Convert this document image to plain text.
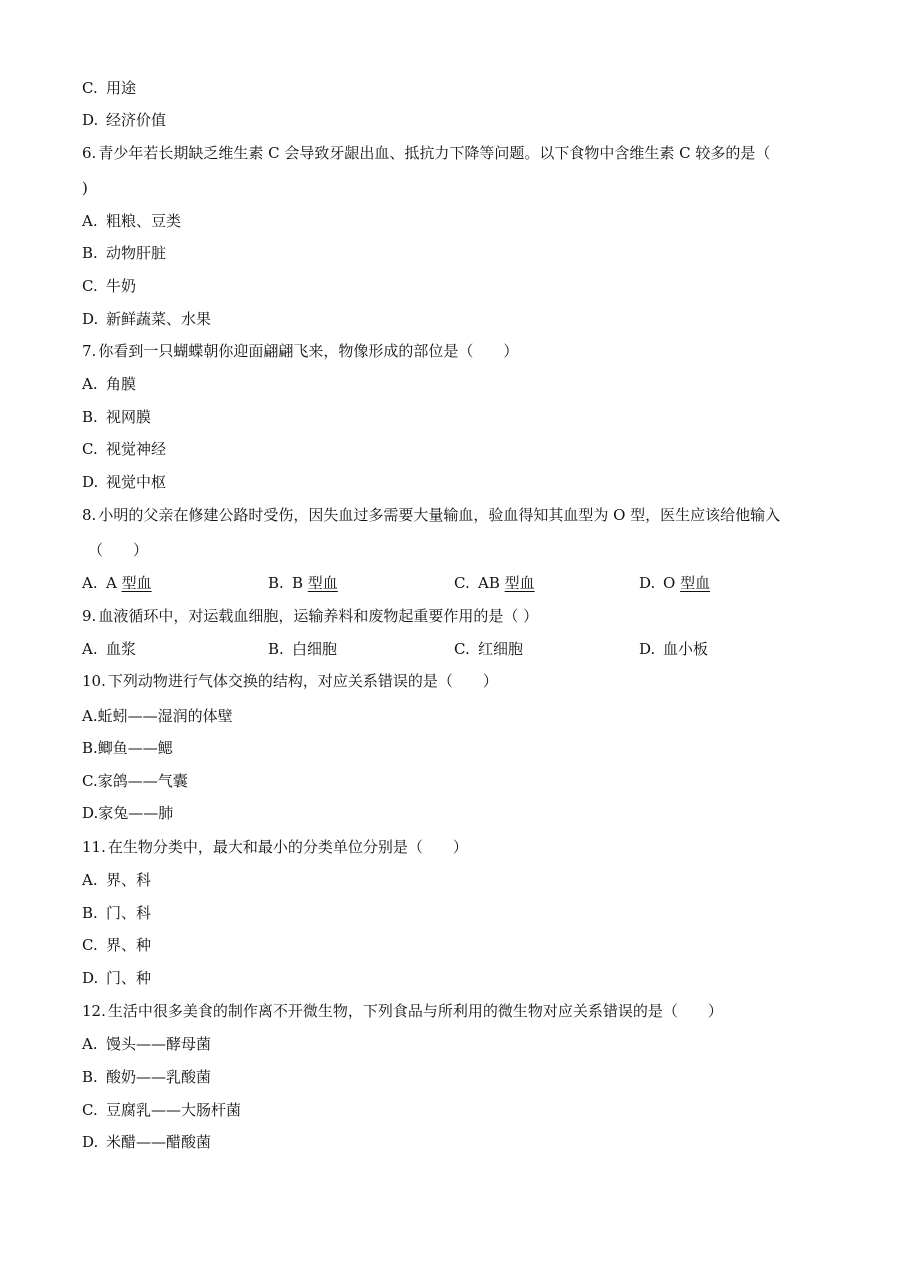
C. 用途
D. 经济价值
6. 青少年若长期缺乏维生素 C 会导致牙龈出血、抵抗力下降等问题。以下食物中含维生素 C 较多的是（
)
A. 粗粮、豆类
B. 动物肝脏
C. 牛奶
D. 新鲜蔬菜、水果
7. 你看到一只蝴蝶朝你迎面翩翩飞来，物像形成的部位是（　　）
A. 角膜
B. 视网膜
C. 视觉神经
D. 视觉中枢
8. 小明的父亲在修建公路时受伤，因失血过多需要大量输血，验血得知其血型为 O 型，医生应该给他输入
（　　）
A. A 型血	B. B 型血	C. AB 型血	D. O 型血
9. 血液循环中，对运载血细胞，运输养料和废物起重要作用的是（ ）
A. 血浆	B. 白细胞	C. 红细胞	D. 血小板
10. 下列动物进行气体交换的结构，对应关系错误的是（　　）
A.蚯蚓——湿润的体壁
B.鲫鱼——鳃
C.家鸽——气囊
D.家兔——肺
11. 在生物分类中，最大和最小的分类单位分别是（　　）
A. 界、科
B. 门、科
C. 界、种
D. 门、种
12. 生活中很多美食的制作离不开微生物，下列食品与所利用的微生物对应关系错误的是（　　）
A. 馒头——酵母菌
B. 酸奶——乳酸菌
C. 豆腐乳——大肠杆菌
D. 米醋——醋酸菌
